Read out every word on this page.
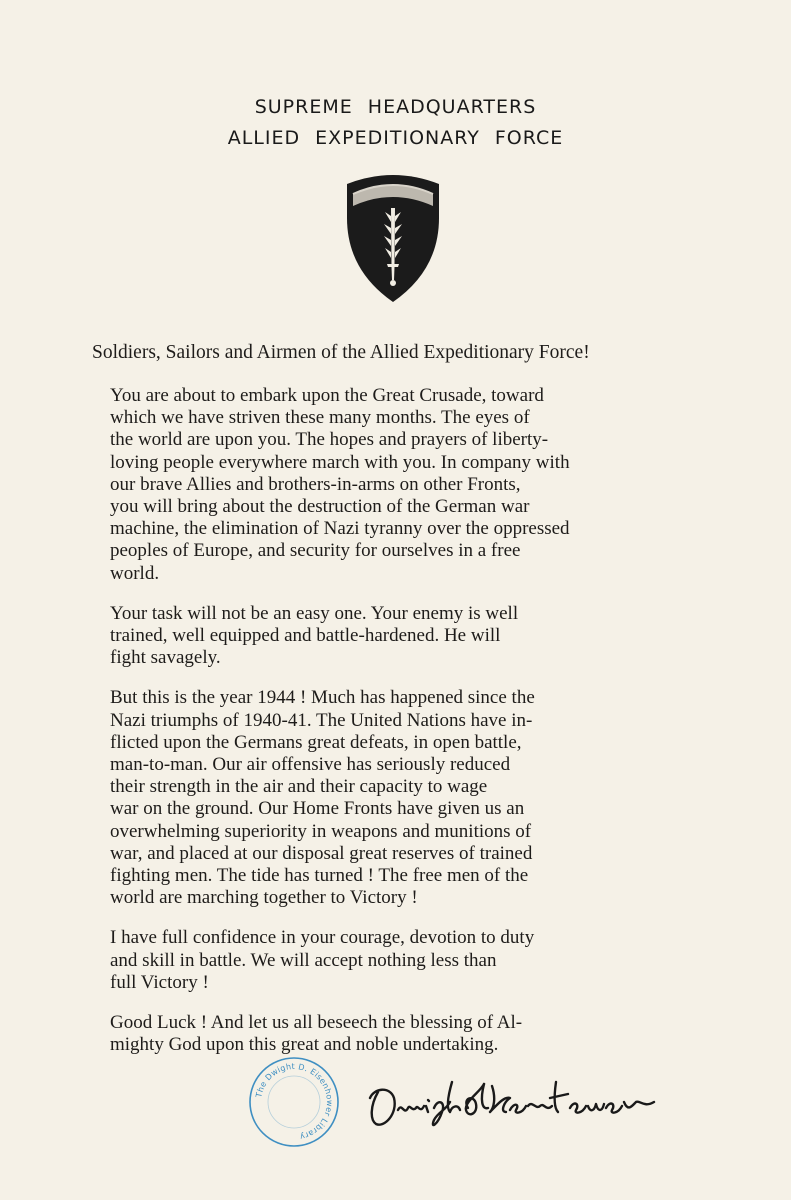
SUPREME HEADQUARTERS
ALLIED EXPEDITIONARY FORCE
Soldiers, Sailors and Airmen of the Allied Expeditionary Force!

You are about to embark upon the Great Crusade, toward
which we have striven these many months. The eyes of
the world are upon you. The hopes and prayers of liberty-
loving people everywhere march with you. In company with
our brave Allies and brothers-in-arms on other Fronts,
you will bring about the destruction of the German war
machine, the elimination of Nazi tyranny over the oppressed
peoples of Europe, and security for ourselves in a free
world.

Your task will not be an easy one. Your enemy is well
trained, well equipped and battle-hardened. He will
fight savagely.

But this is the year 1944 ! Much has happened since the
Nazi triumphs of 1940-41. The United Nations have in-
flicted upon the Germans great defeats, in open battle,
man-to-man. Our air offensive has seriously reduced
their strength in the air and their capacity to wage
war on the ground. Our Home Fronts have given us an
overwhelming superiority in weapons and munitions of
war, and placed at our disposal great reserves of trained
fighting men. The tide has turned ! The free men of the
world are marching together to Victory !

I have full confidence in your courage, devotion to duty
and skill in battle. We will accept nothing less than
full Victory !

Good Luck ! And let us all beseech the blessing of Al-
mighty God upon this great and noble undertaking.

The Dwight D. Eisenhower Library
